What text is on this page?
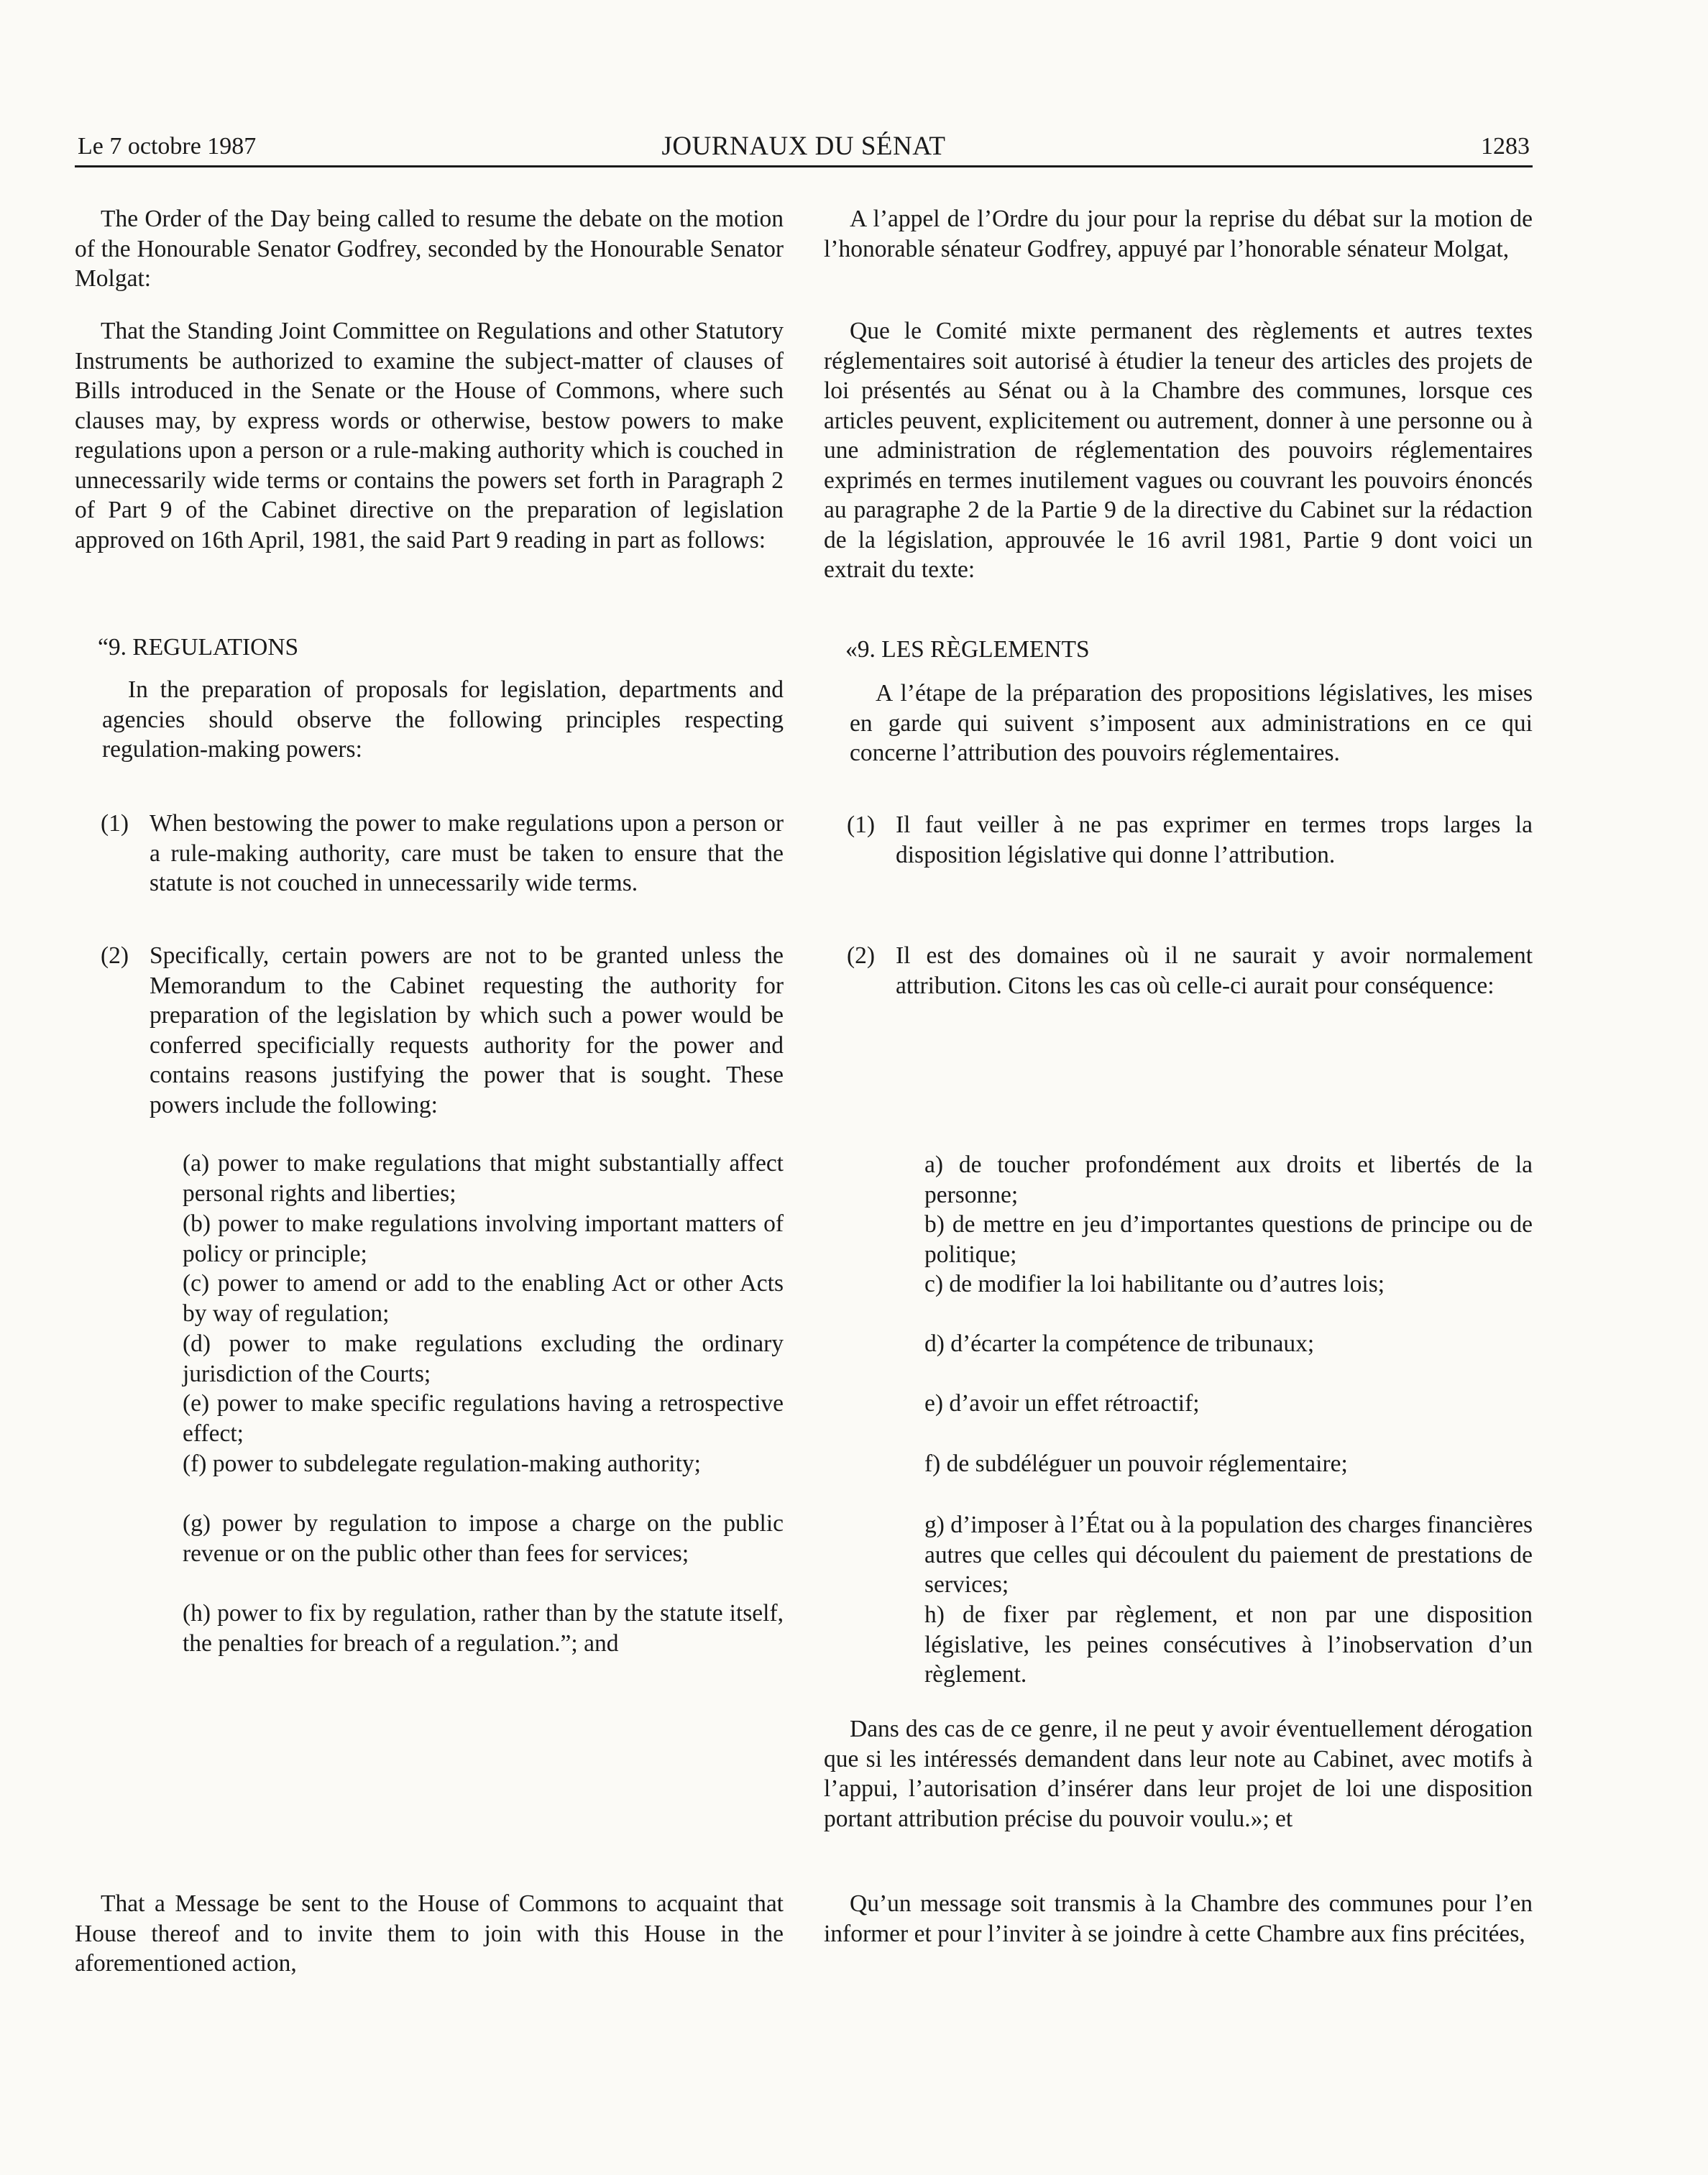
Le 7 octobre 1987	JOURNAUX DU SÉNAT	1283

The Order of the Day being called to resume the debate on the motion of the Honourable Senator Godfrey, seconded by the Honourable Senator Molgat:

That the Standing Joint Committee on Regulations and other Statutory Instruments be authorized to examine the subject-matter of clauses of Bills introduced in the Senate or the House of Commons, where such clauses may, by express words or otherwise, bestow powers to make regulations upon a person or a rule-making authority which is couched in unnecessarily wide terms or contains the powers set forth in Paragraph 2 of Part 9 of the Cabinet directive on the preparation of legislation approved on 16th April, 1981, the said Part 9 reading in part as follows:

“9. REGULATIONS

In the preparation of proposals for legislation, departments and agencies should observe the following principles respecting regulation-making powers:

(1) When bestowing the power to make regulations upon a person or a rule-making authority, care must be taken to ensure that the statute is not couched in unnecessarily wide terms.
(2) Specifically, certain powers are not to be granted unless the Memorandum to the Cabinet requesting the authority for preparation of the legislation by which such a power would be conferred specificially requests authority for the power and contains reasons justifying the power that is sought. These powers include the following:

(a) power to make regulations that might substantially affect personal rights and liberties;

(b) power to make regulations involving important matters of policy or principle;

(c) power to amend or add to the enabling Act or other Acts by way of regulation;

(d) power to make regulations excluding the ordinary jurisdiction of the Courts;

(e) power to make specific regulations having a retrospective effect;

(f) power to subdelegate regulation-making authority;

(g) power by regulation to impose a charge on the public revenue or on the public other than fees for services;

(h) power to fix by regulation, rather than by the statute itself, the penalties for breach of a regulation.”; and

That a Message be sent to the House of Commons to acquaint that House thereof and to invite them to join with this House in the aforementioned action,

A l’appel de l’Ordre du jour pour la reprise du débat sur la motion de l’honorable sénateur Godfrey, appuyé par l’honorable sénateur Molgat,

Que le Comité mixte permanent des règlements et autres textes réglementaires soit autorisé à étudier la teneur des articles des projets de loi présentés au Sénat ou à la Chambre des communes, lorsque ces articles peuvent, explicitement ou autrement, donner à une personne ou à une administration de réglementation des pouvoirs réglementaires exprimés en termes inutilement vagues ou couvrant les pouvoirs énoncés au paragraphe 2 de la Partie 9 de la directive du Cabinet sur la rédaction de la législation, approuvée le 16 avril 1981, Partie 9 dont voici un extrait du texte:

«9. LES RÈGLEMENTS

A l’étape de la préparation des propositions législatives, les mises en garde qui suivent s’imposent aux administrations en ce qui concerne l’attribution des pouvoirs réglementaires.

(1) Il faut veiller à ne pas exprimer en termes trops larges la disposition législative qui donne l’attribution.
(2) Il est des domaines où il ne saurait y avoir normalement attribution. Citons les cas où celle-ci aurait pour conséquence:

a) de toucher profondément aux droits et libertés de la personne;

b) de mettre en jeu d’importantes questions de principe ou de politique;

c) de modifier la loi habilitante ou d’autres lois;

d) d’écarter la compétence de tribunaux;

e) d’avoir un effet rétroactif;

f) de subdéléguer un pouvoir réglementaire;

g) d’imposer à l’État ou à la population des charges financières autres que celles qui découlent du paiement de prestations de services;

h) de fixer par règlement, et non par une disposition législative, les peines consécutives à l’inobservation d’un règlement.

Dans des cas de ce genre, il ne peut y avoir éventuellement dérogation que si les intéressés demandent dans leur note au Cabinet, avec motifs à l’appui, l’autorisation d’insérer dans leur projet de loi une disposition portant attribution précise du pouvoir voulu.»; et

Qu’un message soit transmis à la Chambre des communes pour l’en informer et pour l’inviter à se joindre à cette Chambre aux fins précitées,
